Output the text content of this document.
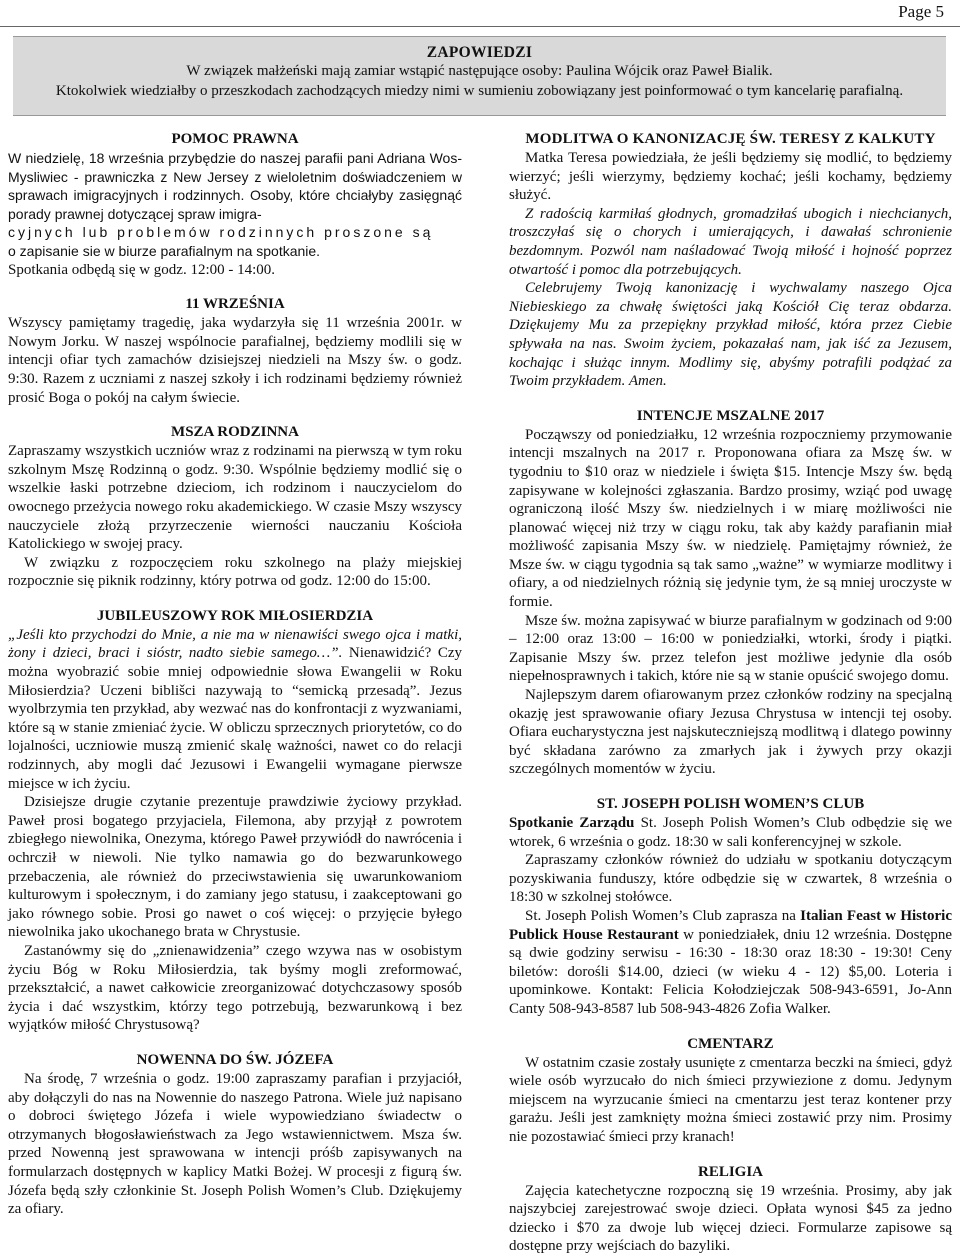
Page 5
ZAPOWIEDZI
W związek małżeński mają zamiar wstąpić następujące osoby: Paulina Wójcik oraz Paweł Bialik.
Ktokolwiek wiedziałby o przeszkodach zachodzących miedzy nimi w sumieniu zobowiązany jest poinformować o tym kancelarię parafialną.
POMOC PRAWNA

W niedzielę, 18 września przybędzie do naszej parafii pani Adriana Wos-Mysliwiec - prawniczka z New Jersey z wieloletnim doświadczeniem w sprawach imigracyjnych i rodzinnych. Osoby, które chciałyby zasięgnąć porady prawnej dotyczącej spraw imigra-

cyjnych lub problemów rodzinnych proszone są

o zapisanie sie w biurze parafialnym na spotkanie.

Spotkania odbędą się w godz. 12:00 - 14:00.

11 WRZEŚNIA

Wszyscy pamiętamy tragedię, jaka wydarzyła się 11 września 2001r. w Nowym Jorku. W naszej wspólnocie parafialnej, będziemy modlili się w intencji ofiar tych zamachów dzisiejszej niedzieli na Mszy św. o godz. 9:30. Razem z uczniami z naszej szkoły i ich rodzinami będziemy również prosić Boga o pokój na całym świecie.

MSZA RODZINNA

Zapraszamy wszystkich uczniów wraz z rodzinami na pierwszą w tym roku szkolnym Mszę Rodzinną o godz. 9:30. Wspólnie będziemy modlić się o wszelkie łaski potrzebne dzieciom, ich rodzinom i nauczycielom do owocnego przeżycia nowego roku akademickiego. W czasie Mszy wszyscy nauczyciele złożą przyrzeczenie wierności nauczaniu Kościoła Katolickiego w swojej pracy.

W związku z rozpoczęciem roku szkolnego na plaży miejskiej rozpocznie się piknik rodzinny, który potrwa od godz. 12:00 do 15:00.

JUBILEUSZOWY ROK MIŁOSIERDZIA

„Jeśli kto przychodzi do Mnie, a nie ma w nienawiści swego ojca i matki, żony i dzieci, braci i sióstr, nadto siebie samego…”. Nienawidzić? Czy można wyobrazić sobie mniej odpowiednie słowa Ewangelii w Roku Miłosierdzia? Uczeni biblišci nazywają to “semicką przesadą”. Jezus wyolbrzymia ten przykład, aby wezwać nas do konfrontacji z wyzwaniami, które są w stanie zmieniać życie. W obliczu sprzecznych priorytetów, co do lojalności, uczniowie muszą zmienić skalę ważności, nawet co do relacji rodzinnych, aby mogli dać Jezusowi i Ewangelii wymagane pierwsze miejsce w ich życiu.

Dzisiejsze drugie czytanie prezentuje prawdziwie życiowy przykład. Paweł prosi bogatego przyjaciela, Filemona, aby przyjął z powrotem zbiegłego niewolnika, Onezyma, którego Paweł przywiódł do nawrócenia i ochrcził w niewoli. Nie tylko namawia go do bezwarunkowego przebaczenia, ale również do przeciwstawienia się uwarunkowaniom kulturowym i społecznym, i do zamiany jego statusu, i zaakceptowani go jako równego sobie. Prosi go nawet o coś więcej: o przyjęcie byłego niewolnika jako ukochanego brata w Chrystusie.

Zastanówmy się do „znienawidzenia” czego wzywa nas w osobistym życiu Bóg w Roku Miłosierdzia, tak byśmy mogli zreformować, przekształcić, a nawet całkowicie zreorganizować dotychczasowy sposób życia i dać wszystkim, którzy tego potrzebują, bezwarunkową i bez wyjątków miłość Chrystusową?

NOWENNA DO ŚW. JÓZEFA

Na środę, 7 września o godz. 19:00 zapraszamy parafian i przyjaciół, aby dołączyli do nas na Nowennie do naszego Patrona. Wiele już napisano o dobroci świętego Józefa i wiele wypowiedziano świadectw o otrzymanych błogosławieństwach za Jego wstawiennictwem. Msza św. przed Nowenną jest sprawowana w intencji próśb zapisywanych na formularzach dostępnych w kaplicy Matki Bożej. W procesji z figurą św. Józefa będą szły członkinie St. Joseph Polish Women’s Club. Dziękujemy za ofiary.

MODLITWA O KANONIZACJĘ ŚW. TERESY Z KALKUTY

Matka Teresa powiedziała, że jeśli będziemy się modlić, to będziemy wierzyć; jeśli wierzymy, będziemy kochać; jeśli kochamy, będziemy służyć.

Z radością karmiłaś głodnych, gromadziłaś ubogich i niechcianych, troszczyłaś się o chorych i umierających, i dawałaś schronienie bezdomnym. Pozwól nam naśladować Twoją miłość i hojność poprzez otwartość i pomoc dla potrzebujących.

Celebrujemy Twoją kanonizację i wychwalamy naszego Ojca Niebieskiego za chwałę świętości jaką Kościół Cię teraz obdarza. Dziękujemy Mu za przepiękny przykład miłość, która przez Ciebie spływała na nas. Swoim życiem, pokazałaś nam, jak iść za Jezusem, kochając i służąc innym. Modlimy się, abyśmy potrafili podążać za Twoim przykładem. Amen.

INTENCJE MSZALNE 2017

Począwszy od poniedziałku, 12 września rozpoczniemy przymowanie intencji mszalnych na 2017 r. Proponowana ofiara za Mszę św. w tygodniu to $10 oraz w niedziele i święta $15. Intencje Mszy św. będą zapisywane w kolejności zgłaszania. Bardzo prosimy, wziąć pod uwagę ograniczoną ilość Mszy św. niedzielnych i w miarę możliwości nie planować więcej niż trzy w ciągu roku, tak aby każdy parafianin miał możliwość zapisania Mszy św. w niedzielę. Pamiętajmy również, że Msze św. w ciągu tygodnia są tak samo „ważne” w wymiarze modlitwy i ofiary, a od niedzielnych różnią się jedynie tym, że są mniej uroczyste w formie.

Msze św. można zapisywać w biurze parafialnym w godzinach od 9:00 – 12:00 oraz 13:00 – 16:00 w poniedziałki, wtorki, środy i piątki. Zapisanie Mszy św. przez telefon jest możliwe jedynie dla osób niepełnosprawnych i takich, które nie są w stanie opuścić swojego domu.

Najlepszym darem ofiarowanym przez członków rodziny na specjalną okazję jest sprawowanie ofiary Jezusa Chrystusa w intencji tej osoby. Ofiara eucharystyczna jest najskuteczniejszą modlitwą i dlatego powinny być składana zarówno za zmarłych jak i żywych przy okazji szczególnych momentów w życiu.

ST. JOSEPH POLISH WOMEN’S CLUB

Spotkanie Zarządu St. Joseph Polish Women’s Club odbędzie się we wtorek, 6 września o godz. 18:30 w sali konferencyjnej w szkole.

Zapraszamy członków również do udziału w spotkaniu dotyczącym pozyskiwania funduszy, które odbędzie się w czwartek, 8 września o 18:30 w szkolnej stołówce.

St. Joseph Polish Women’s Club zaprasza na Italian Feast w Historic Publick House Restaurant w poniedziałek, dniu 12 września. Dostępne są dwie godziny serwisu - 16:30 - 18:30 oraz 18:30 - 19:30! Ceny biletów: dorośli $14.00, dzieci (w wieku 4 - 12) $5,00. Loteria i upominkowe. Kontakt: Felicia Kołodziejczak 508-943-6591, Jo-Ann Canty 508-943-8587 lub 508-943-4826 Zofia Walker.

CMENTARZ

W ostatnim czasie zostały usunięte z cmentarza beczki na śmieci, gdyż wiele osób wyrzucało do nich śmieci przywiezione z domu. Jedynym miejscem na wyrzucanie śmieci na cmentarzu jest teraz kontener przy garażu. Jeśli jest zamknięty można śmieci zostawić przy nim. Prosimy nie pozostawiać śmieci przy kranach!

RELIGIA

Zajęcia katechetyczne rozpoczną się 19 września. Prosimy, aby jak najszybciej zarejestrować swoje dzieci. Opłata wynosi $45 za jedno dziecko i $70 za dwoje lub więcej dzieci. Formularze zapisowe są dostępne przy wejściach do bazyliki.
